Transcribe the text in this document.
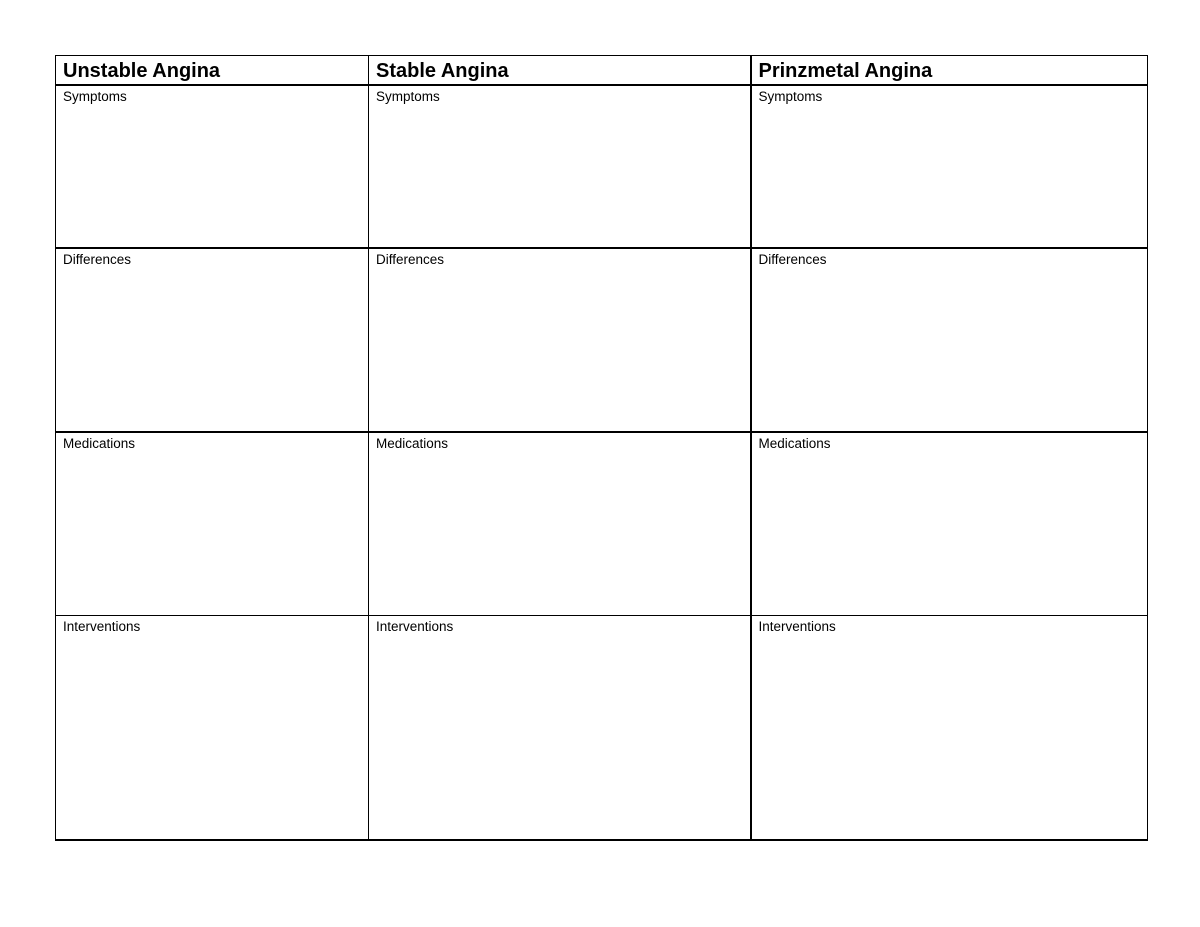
Unstable Angina	Stable Angina	Prinzmetal Angina
Symptoms	Symptoms	Symptoms
Differences	Differences	Differences
Medications	Medications	Medications
Interventions	Interventions	Interventions
